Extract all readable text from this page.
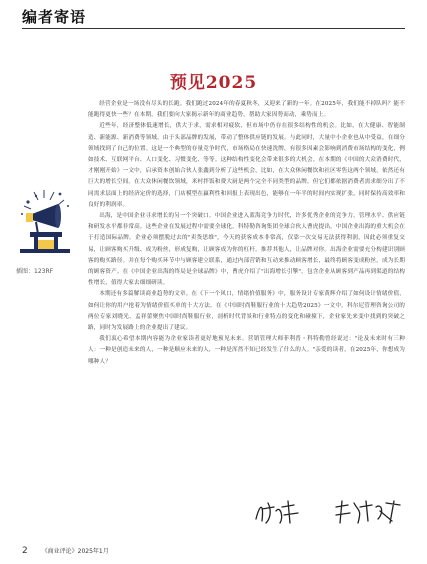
编者寄语
预见2025
插图：123RF

经营企业是一场没有尽头的长跑。我们跑过2024年的春夏秋冬，又迎来了新的一年。在2025年，我们能不掉队吗？能不能跑得更快一些？在本期，我们要向大家揭示新年的商业趋势，帮助大家因势而动，乘势而上。

近些年，经济整体低速增长，供大于求，需求相对疲软，但市场中仍存在很多结构性的机会。比如，在大健康、智能制造、新能源、新消费等领域，由于头部品牌的发展，带动了整体供应链的发展。与此同时，大量中小企业也从中受益，在细分领域找到了自己的位置。这是一个典型的存量竞争时代，市场格局在快速洗牌，有很多因素会影响到消费市场结构的变化，例如技术、互联网平台、人口变化、习惯变化、等等。这种结构性变化会带来很多的大机会。在本期的《中国的大众消费时代，才刚刚开始》一文中，启承资本创始合伙人张鑫到分析了这些机会，比如，在大众休闲餐饮和社区零售这两个领域，依然还有巨大的增长空间。在大众休闲餐饮领域，米村拌饭和费大厨是两个完全不同类型的品牌，但它们都依据消费者需求细分出了不同需求层面上的经济定价的选择，门店模型在赢利性和回报上表现出色，能够在一年半的时间内实现扩张，同时保持高效率和良好的利润率。

出海，是中国企业寻求增长的另一个突破口。中国企业进入蓝海竞争力时代，许多优秀企业的竞争力，管理水平、供应链和研发水平都非常高。这些企业在发展过程中需要全球化，科特勒咨询集团全球合伙人曹虎提出，中国企业出海的重大机会在于打造国际品牌。企业必须摆脱过去的"卖货思维"，今天的获客成本非常高，仅靠一次交易无法获得利润，因此必须重复交易，让顾客购买升级、成为粉丝，形成复购，让顾客成为你的杠杆。推荐其他人，让品牌对你。出海企业需要充分构建识别顾客的购买路径。并在每个购买环节中与顾客建立联系，通过内部营销和互动来推动顾客增长，最终将顾客变成粉丝，成为长期的顾客资产。在《中国企业出海的终局是全球品牌》中，曹虎介绍了"出海增长引擎"，包含企业从顾客到产品再到渠道的结构性增长，值得大家去细细研读。

本期还有多篇解读商业趋势的文章。在《下一个风口，情绪价值服务》中，服务设计专家黄辉介绍了如何设计情绪价值，如何让你的用户抢着为情绪价值买单的十大方法。在《中国时尚鞋服行业的十大趋势2025》一文中，科尔尼管理咨询公司的两位专家刘晓光、孟祥蕾聚焦中国时尚鞋服行业，剖析时代背景和行业特点的变化和碰撞下，企业家先来变中找到的突破之路，同时为发展路上的企业提出了建议。

我们衷心希望本期内容能为企业家读者更好地预见未来。营销管理大师菲利普・科特勒曾经说过："论及未来时有三种人：一种是创造未来的人，一种是顺应未来的人，一种是浑然不知已经发生了什么的人。"亲爱的读者，在2025年，你想成为哪种人？

2 《商业评论》2025年1月
